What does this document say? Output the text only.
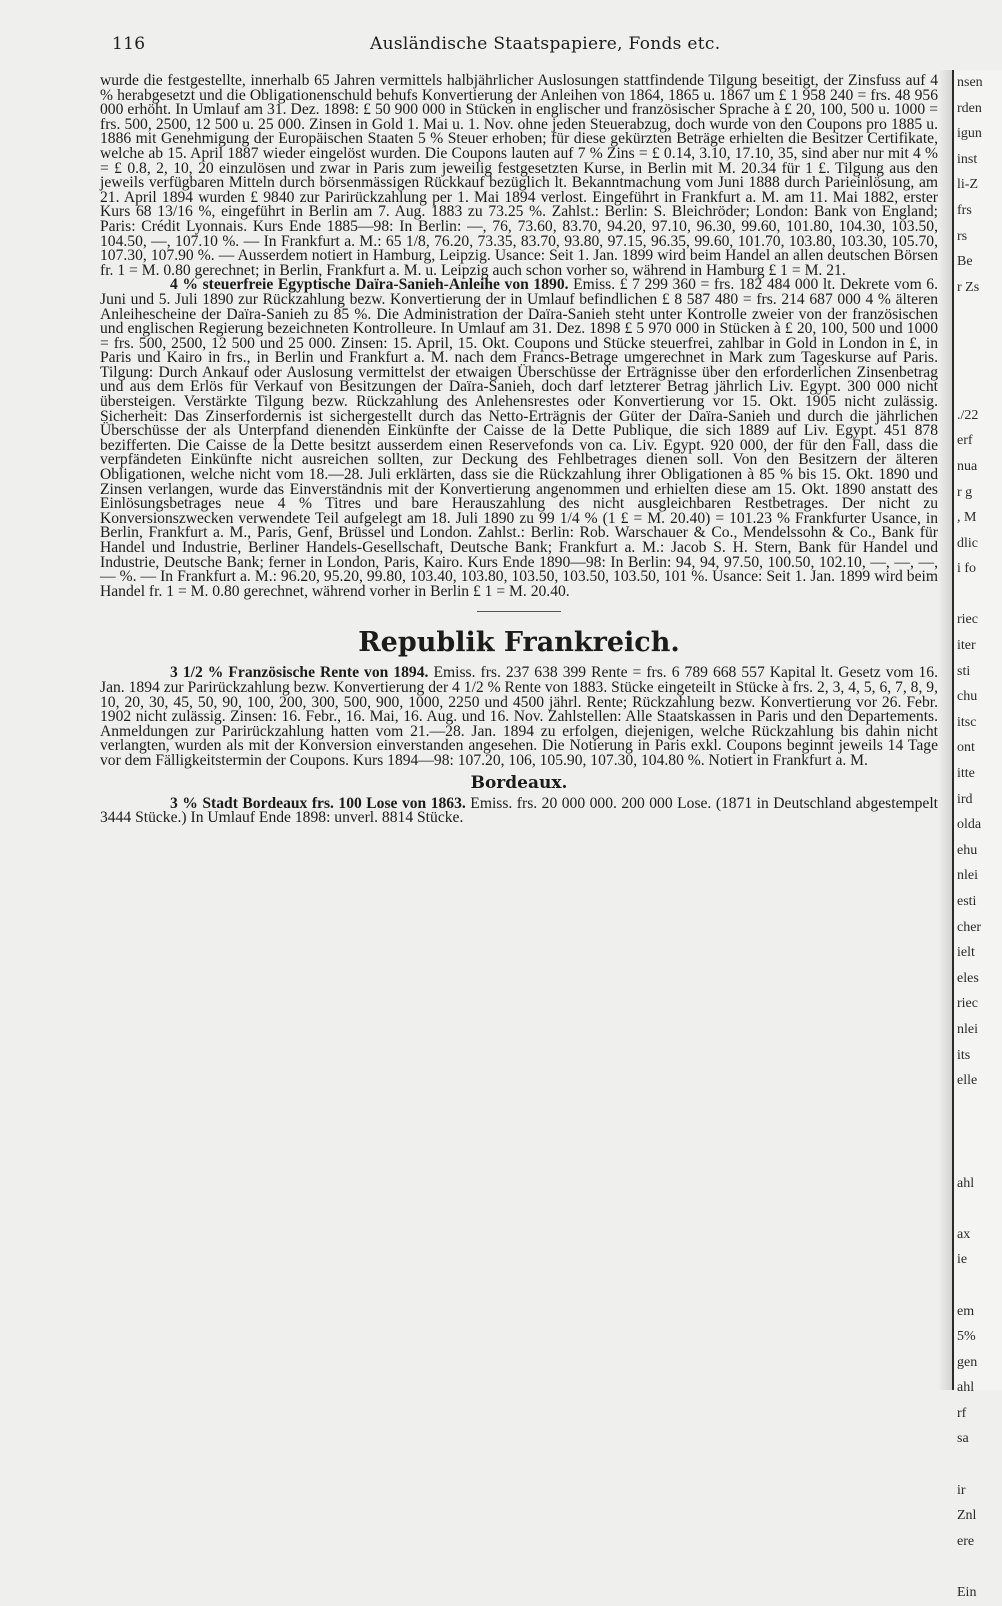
116	Ausländische Staatspapiere, Fonds etc.

wurde die festgestellte, innerhalb 65 Jahren vermittels halbjährlicher Auslosungen stattfindende Tilgung beseitigt, der Zinsfuss auf 4 % herabgesetzt und die Obligationenschuld behufs Konvertierung der Anleihen von 1864, 1865 u. 1867 um £ 1 958 240 = frs. 48 956 000 erhöht. In Umlauf am 31. Dez. 1898: £ 50 900 000 in Stücken in englischer und französischer Sprache à £ 20, 100, 500 u. 1000 = frs. 500, 2500, 12 500 u. 25 000. Zinsen in Gold 1. Mai u. 1. Nov. ohne jeden Steuerabzug, doch wurde von den Coupons pro 1885 u. 1886 mit Genehmigung der Europäischen Staaten 5 % Steuer erhoben; für diese gekürzten Beträge erhielten die Besitzer Certifikate, welche ab 15. April 1887 wieder eingelöst wurden. Die Coupons lauten auf 7 % Zins = £ 0.14, 3.10, 17.10, 35, sind aber nur mit 4 % = £ 0.8, 2, 10, 20 einzulösen und zwar in Paris zum jeweilig festgesetzten Kurse, in Berlin mit M. 20.34 für 1 £. Tilgung aus den jeweils verfügbaren Mitteln durch börsenmässigen Rückkauf bezüglich lt. Bekanntmachung vom Juni 1888 durch Parieinlösung, am 21. April 1894 wurden £ 9840 zur Parirückzahlung per 1. Mai 1894 verlost. Eingeführt in Frankfurt a. M. am 11. Mai 1882, erster Kurs 68 13/16 %, eingeführt in Berlin am 7. Aug. 1883 zu 73.25 %. Zahlst.: Berlin: S. Bleichröder; London: Bank von England; Paris: Crédit Lyonnais. Kurs Ende 1885—98: In Berlin: —, 76, 73.60, 83.70, 94.20, 97.10, 96.30, 99.60, 101.80, 104.30, 103.50, 104.50, —, 107.10 %. — In Frankfurt a. M.: 65 1/8, 76.20, 73.35, 83.70, 93.80, 97.15, 96.35, 99.60, 101.70, 103.80, 103.30, 105.70, 107.30, 107.90 %. — Ausserdem notiert in Hamburg, Leipzig. Usance: Seit 1. Jan. 1899 wird beim Handel an allen deutschen Börsen fr. 1 = M. 0.80 gerechnet; in Berlin, Frankfurt a. M. u. Leipzig auch schon vorher so, während in Hamburg £ 1 = M. 21.

4 % steuerfreie Egyptische Daïra-Sanieh-Anleihe von 1890. Emiss. £ 7 299 360 = frs. 182 484 000 lt. Dekrete vom 6. Juni und 5. Juli 1890 zur Rückzahlung bezw. Konvertierung der in Umlauf befindlichen £ 8 587 480 = frs. 214 687 000 4 % älteren Anleihescheine der Daïra-Sanieh zu 85 %. Die Administration der Daïra-Sanieh steht unter Kontrolle zweier von der französischen und englischen Regierung bezeichneten Kontrolleure. In Umlauf am 31. Dez. 1898 £ 5 970 000 in Stücken à £ 20, 100, 500 und 1000 = frs. 500, 2500, 12 500 und 25 000. Zinsen: 15. April, 15. Okt. Coupons und Stücke steuerfrei, zahlbar in Gold in London in £, in Paris und Kairo in frs., in Berlin und Frankfurt a. M. nach dem Francs-Betrage umgerechnet in Mark zum Tageskurse auf Paris. Tilgung: Durch Ankauf oder Auslosung vermittelst der etwaigen Überschüsse der Erträgnisse über den erforderlichen Zinsenbetrag und aus dem Erlös für Verkauf von Besitzungen der Daïra-Sanieh, doch darf letzterer Betrag jährlich Liv. Egypt. 300 000 nicht übersteigen. Verstärkte Tilgung bezw. Rückzahlung des Anlehensrestes oder Konvertierung vor 15. Okt. 1905 nicht zulässig. Sicherheit: Das Zinserfordernis ist sichergestellt durch das Netto-Erträgnis der Güter der Daïra-Sanieh und durch die jährlichen Überschüsse der als Unterpfand dienenden Einkünfte der Caisse de la Dette Publique, die sich 1889 auf Liv. Egypt. 451 878 bezifferten. Die Caisse de la Dette besitzt ausserdem einen Reservefonds von ca. Liv. Egypt. 920 000, der für den Fall, dass die verpfändeten Einkünfte nicht ausreichen sollten, zur Deckung des Fehlbetrages dienen soll. Von den Besitzern der älteren Obligationen, welche nicht vom 18.—28. Juli erklärten, dass sie die Rückzahlung ihrer Obligationen à 85 % bis 15. Okt. 1890 und Zinsen verlangen, wurde das Einverständnis mit der Konvertierung angenommen und erhielten diese am 15. Okt. 1890 anstatt des Einlösungsbetrages neue 4 % Titres und bare Herauszahlung des nicht ausgleichbaren Restbetrages. Der nicht zu Konversionszwecken verwendete Teil aufgelegt am 18. Juli 1890 zu 99 1/4 % (1 £ = M. 20.40) = 101.23 % Frankfurter Usance, in Berlin, Frankfurt a. M., Paris, Genf, Brüssel und London. Zahlst.: Berlin: Rob. Warschauer & Co., Mendelssohn & Co., Bank für Handel und Industrie, Berliner Handels-Gesellschaft, Deutsche Bank; Frankfurt a. M.: Jacob S. H. Stern, Bank für Handel und Industrie, Deutsche Bank; ferner in London, Paris, Kairo. Kurs Ende 1890—98: In Berlin: 94, 94, 97.50, 100.50, 102.10, —, —, —, — %. — In Frankfurt a. M.: 96.20, 95.20, 99.80, 103.40, 103.80, 103.50, 103.50, 103.50, 101 %. Usance: Seit 1. Jan. 1899 wird beim Handel fr. 1 = M. 0.80 gerechnet, während vorher in Berlin £ 1 = M. 20.40.

Republik Frankreich.

3 1/2 % Französische Rente von 1894. Emiss. frs. 237 638 399 Rente = frs. 6 789 668 557 Kapital lt. Gesetz vom 16. Jan. 1894 zur Parirückzahlung bezw. Konvertierung der 4 1/2 % Rente von 1883. Stücke eingeteilt in Stücke à frs. 2, 3, 4, 5, 6, 7, 8, 9, 10, 20, 30, 45, 50, 90, 100, 200, 300, 500, 900, 1000, 2250 und 4500 jährl. Rente; Rückzahlung bezw. Konvertierung vor 26. Febr. 1902 nicht zulässig. Zinsen: 16. Febr., 16. Mai, 16. Aug. und 16. Nov. Zahlstellen: Alle Staatskassen in Paris und den Departements. Anmeldungen zur Parirückzahlung hatten vom 21.—28. Jan. 1894 zu erfolgen, diejenigen, welche Rückzahlung bis dahin nicht verlangten, wurden als mit der Konversion einverstanden angesehen. Die Notierung in Paris exkl. Coupons beginnt jeweils 14 Tage vor dem Fälligkeitstermin der Coupons. Kurs 1894—98: 107.20, 106, 105.90, 107.30, 104.80 %. Notiert in Frankfurt a. M.

Bordeaux.

3 % Stadt Bordeaux frs. 100 Lose von 1863. Emiss. frs. 20 000 000. 200 000 Lose. (1871 in Deutschland abgestempelt 3444 Stücke.) In Umlauf Ende 1898: unverl. 8814 Stücke.

nsen
rden
igun
inst
li-Z
frs
rs
Be
r Zs
./22
erf
nua
r g
, M
dlic
i fo
riec
iter
sti
chu
itsc
ont
itte
ird
olda
ehu
nlei
esti
cher
ielt
eles
riec
nlei
its
elle
ahl
ax
ie
em
5%
gen
ahl
rf
sa
ir
Znl
ere
Ein
